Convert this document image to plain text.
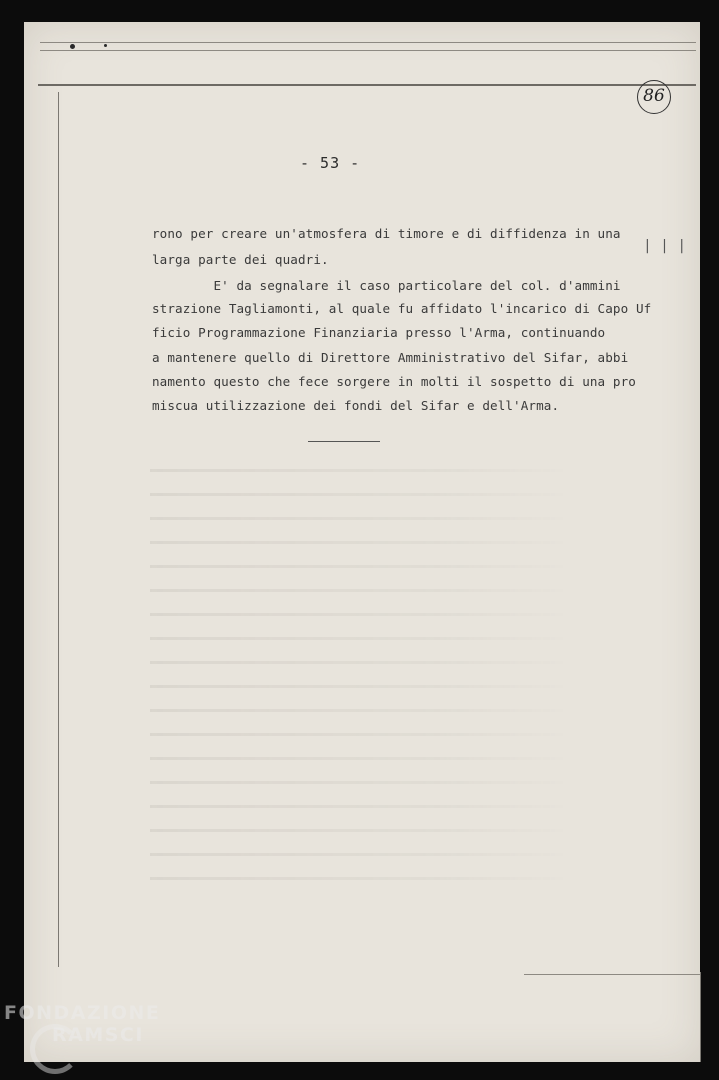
86
- 53 -
| | |
rono per creare un'atmosfera di timore e di diffidenza in una
larga parte dei quadri.
E' da segnalare il caso particolare del col. d'ammini
strazione Tagliamonti, al quale fu affidato l'incarico di Capo Uf
ficio Programmazione Finanziaria presso l'Arma, continuando
a mantenere quello di Direttore Amministrativo del Sifar, abbi
namento questo che fece sorgere in molti il sospetto di una pro
miscua utilizzazione dei fondi del Sifar e dell'Arma.
FONDAZIONE
RAMSCI
